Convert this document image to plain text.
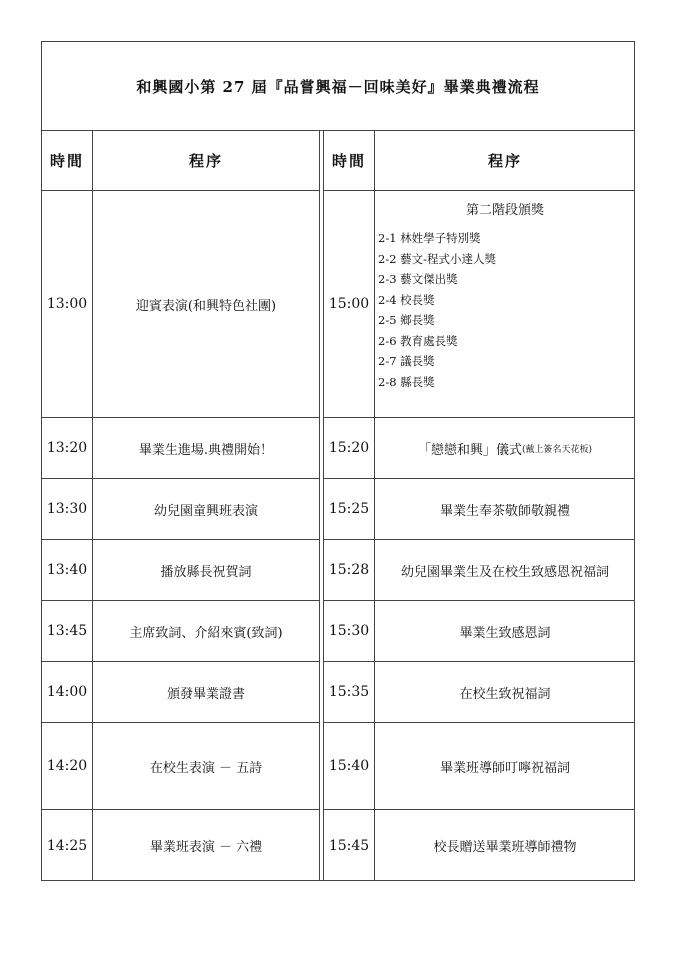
和興國小第 27 屆『品嘗興福－回味美好』畢業典禮流程
時間	程序
13:00	迎賓表演(和興特色社團)
13:20	畢業生進場.典禮開始！
13:30	幼兒園童興班表演
13:40	播放縣長祝賀詞
13:45	主席致詞、介紹來賓(致詞)
14:00	頒發畢業證書
14:20	在校生表演 － 五詩
14:25	畢業班表演 － 六禮
時間	程序
15:00
第二階段頒獎
2-1 林姓學子特別獎
2-2 藝文-程式小達人獎
2-3 藝文傑出獎
2-4 校長獎
2-5 鄉長獎
2-6 教育處長獎
2-7 議長獎
2-8 縣長獎
15:20	「戀戀和興」儀式 (戴上簽名天花板)
15:25	畢業生奉茶敬師敬親禮
15:28	幼兒園畢業生及在校生致感恩祝福詞
15:30	畢業生致感恩詞
15:35	在校生致祝福詞
15:40	畢業班導師叮嚀祝福詞
15:45	校長贈送畢業班導師禮物
